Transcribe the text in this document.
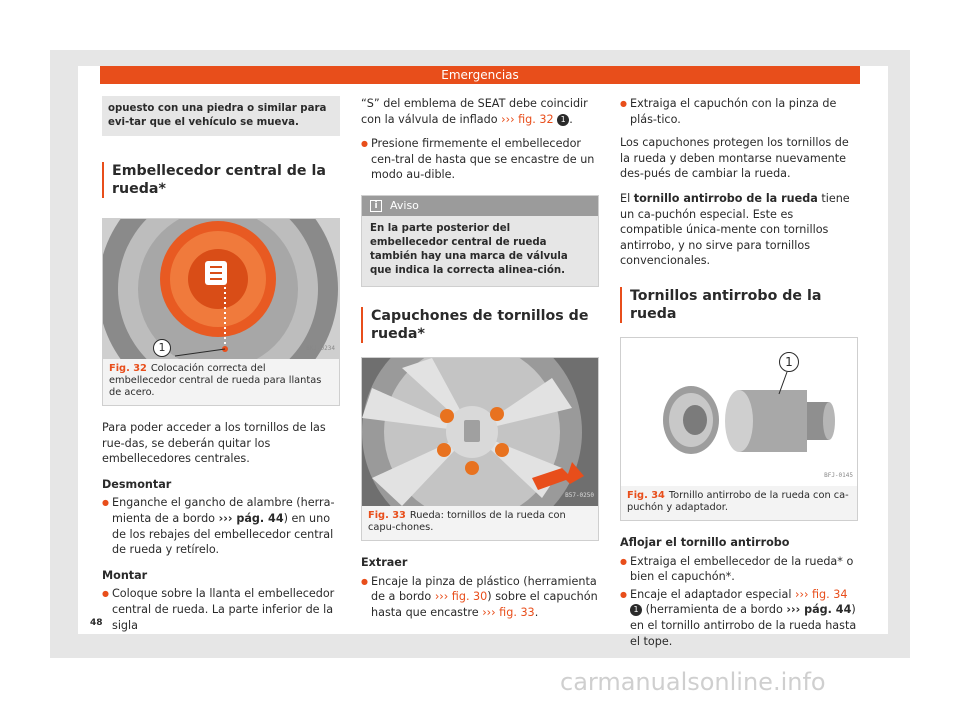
Emergencias
opuesto con una piedra o similar para evi-tar que el vehículo se mueva.
Embellecedor central de la rueda*
1	BKJ-0234
Fig. 32 Colocación correcta del embellecedor central de rueda para llantas de acero.

Para poder acceder a los tornillos de las rue-das, se deberán quitar los embellecedores centrales.

Desmontar
● Enganche el gancho de alambre (herra-mienta de a bordo ››› pág. 44) en uno de los rebajes del embellecedor central de rueda y retírelo.
Montar
● Coloque sobre la llanta el embellecedor central de rueda. La parte inferior de la sigla

“S” del emblema de SEAT debe coincidir con la válvula de inflado ››› fig. 32 1 .

● Presione firmemente el embellecedor cen-tral de hasta que se encastre de un modo au-dible.
i	Aviso
En la parte posterior del embellecedor central de rueda también hay una marca de válvula que indica la correcta alinea-ción.
Capuchones de tornillos de rueda*
B57-0250
Fig. 33 Rueda: tornillos de la rueda con capu-chones.
Extraer
● Encaje la pinza de plástico (herramienta de a bordo ››› fig. 30) sobre el capuchón hasta que encastre ››› fig. 33.
● Extraiga el capuchón con la pinza de plás-tico.

Los capuchones protegen los tornillos de la rueda y deben montarse nuevamente des-pués de cambiar la rueda.

El tornillo antirrobo de la rueda tiene un ca-puchón especial. Este es compatible única-mente con tornillos antirrobo, y no sirve para tornillos convencionales.

Tornillos antirrobo de la rueda
1
BFJ-0145
Fig. 34 Tornillo antirrobo de la rueda con ca-puchón y adaptador.
Aflojar el tornillo antirrobo
● Extraiga el embellecedor de la rueda* o bien el capuchón*.
● Encaje el adaptador especial ››› fig. 34 1 (herramienta de a bordo ››› pág. 44) en el tornillo antirrobo de la rueda hasta el tope.
48
carmanualsonline.info
